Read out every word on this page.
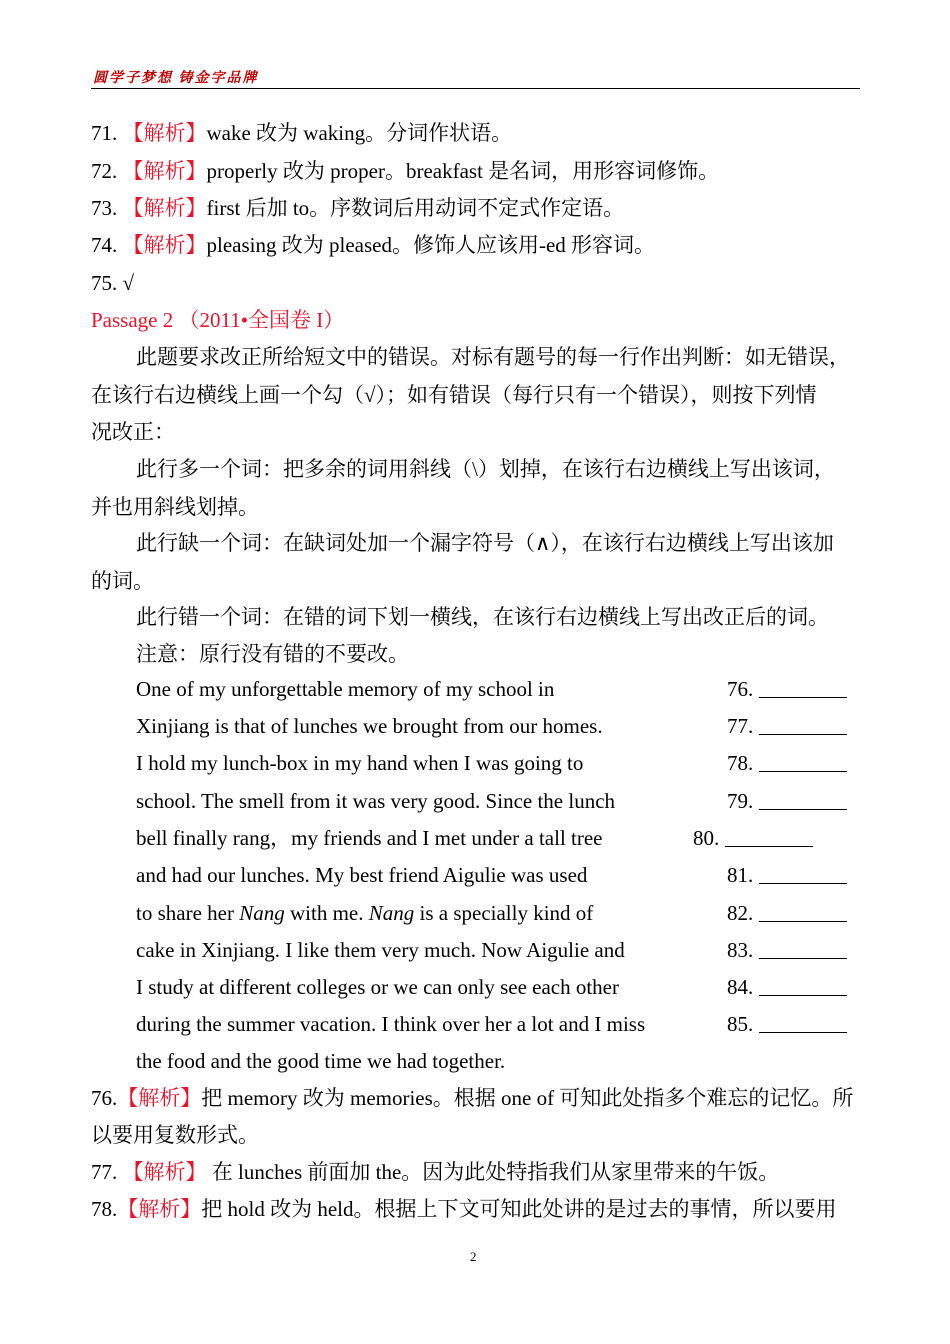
圆学子梦想 铸金字品牌
71. 【解析】wake 改为 waking。分词作状语。
72. 【解析】properly 改为 proper。breakfast 是名词，用形容词修饰。
73. 【解析】first 后加 to。序数词后用动词不定式作定语。
74. 【解析】pleasing 改为 pleased。修饰人应该用-ed 形容词。
75. √
Passage 2 （2011•全国卷 I）
此题要求改正所给短文中的错误。对标有题号的每一行作出判断：如无错误，
在该行右边横线上画一个勾（√）；如有错误（每行只有一个错误），则按下列情
况改正：
此行多一个词：把多余的词用斜线（\）划掉，在该行右边横线上写出该词，
并也用斜线划掉。
此行缺一个词：在缺词处加一个漏字符号（∧），在该行右边横线上写出该加
的词。
此行错一个词：在错的词下划一横线，在该行右边横线上写出改正后的词。
注意：原行没有错的不要改。
One of my unforgettable memory of my school in
Xinjiang is that of lunches we brought from our homes.
I hold my lunch-box in my hand when I was going to
school. The smell from it was very good. Since the lunch
bell finally rang，my friends and I met under a tall tree
and had our lunches. My best friend Aigulie was used
to share her Nang with me. Nang is a specially kind of
cake in Xinjiang. I like them very much. Now Aigulie and
I study at different colleges or we can only see each other
during the summer vacation. I think over her a lot and I miss
the food and the good time we had together.
76.
77.
78.
79.
80.
81.
82.
83.
84.
85.
76.【解析】把 memory 改为 memories。根据 one of 可知此处指多个难忘的记忆。所
以要用复数形式。
77. 【解析】 在 lunches 前面加 the。因为此处特指我们从家里带来的午饭。
78.【解析】把 hold 改为 held。根据上下文可知此处讲的是过去的事情，所以要用
2
